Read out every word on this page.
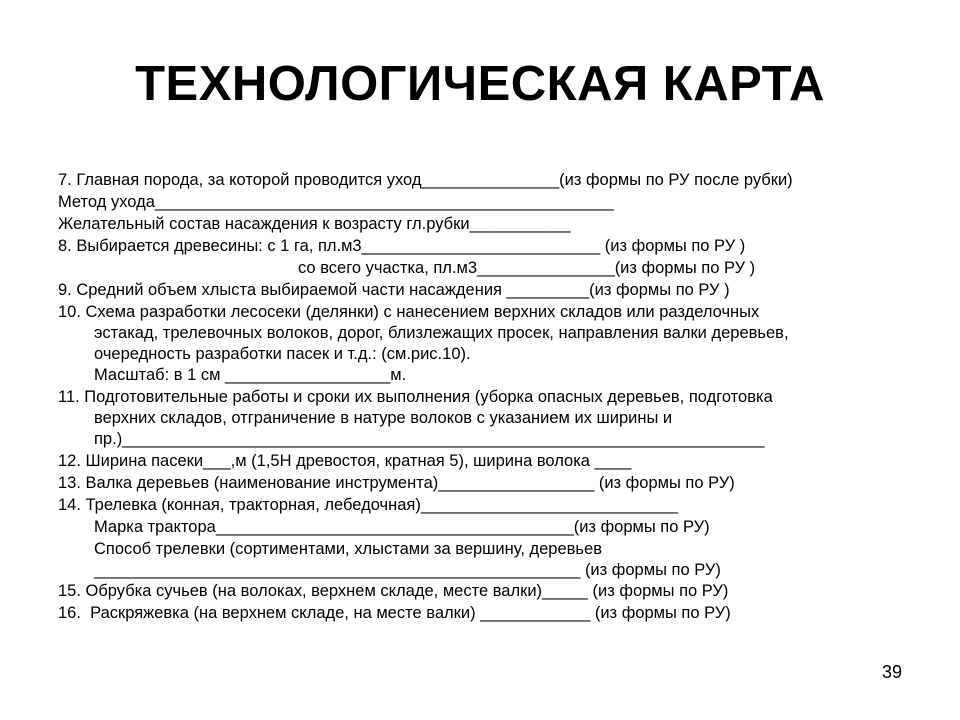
ТЕХНОЛОГИЧЕСКАЯ КАРТА
7. Главная порода, за которой проводится уход_______________(из формы по РУ после рубки)
Метод ухода__________________________________________________
Желательный состав насаждения к возрасту гл.рубки___________
8. Выбирается древесины: с 1 га, пл.м3__________________________ (из формы по РУ )
со всего участка, пл.м3_______________(из формы по РУ )
9. Средний объем хлыста выбираемой части насаждения _________(из формы по РУ )
10. Схема разработки лесосеки (делянки) с нанесением верхних складов или разделочных
эстакад, трелевочных волоков, дорог, близлежащих просек, направления валки деревьев,
очередность разработки пасек и т.д.: (см.рис.10).
Масштаб: в 1 см __________________м.
11. Подготовительные работы и сроки их выполнения (уборка опасных деревьев, подготовка
верхних складов, отграничение в натуре волоков с указанием их ширины и
пр.)______________________________________________________________________
12. Ширина пасеки___,м (1,5Н древостоя, кратная 5), ширина волока ____
13. Валка деревьев (наименование инструмента)_________________ (из формы по РУ)
14. Трелевка (конная, тракторная, лебедочная)____________________________
Марка трактора_______________________________________(из формы по РУ)
Способ трелевки (сортиментами, хлыстами за вершину, деревьев
_____________________________________________________ (из формы по РУ)
15. Обрубка сучьев (на волоках, верхнем складе, месте валки)_____ (из формы по РУ)
16.  Раскряжевка (на верхнем складе, на месте валки) ____________ (из формы по РУ)
39
